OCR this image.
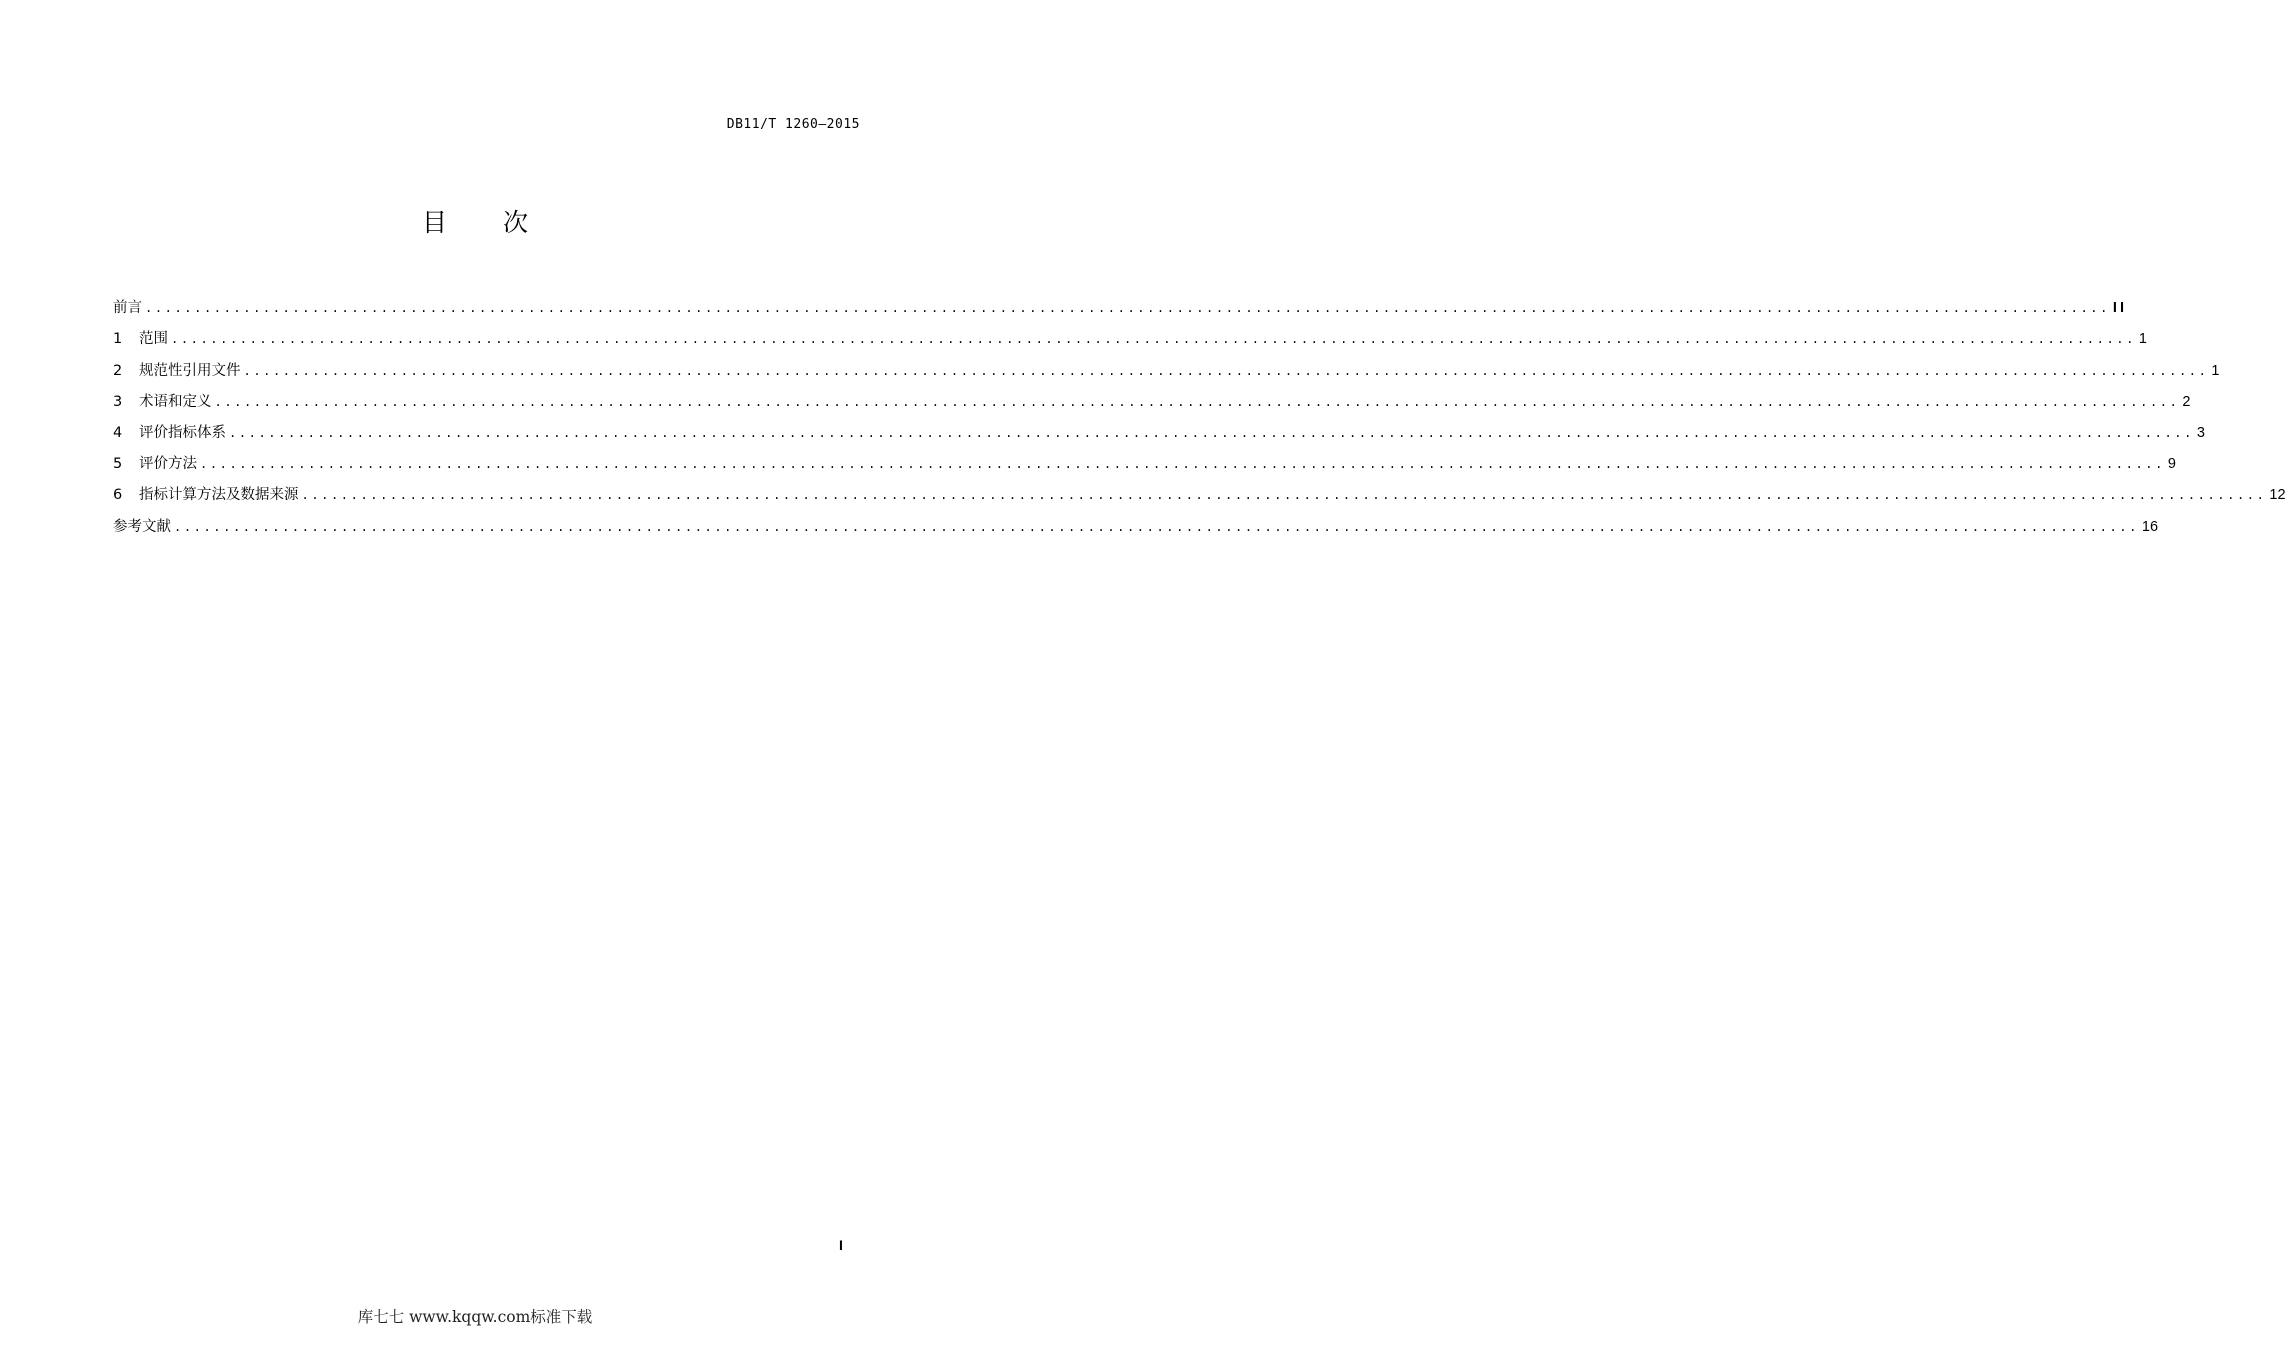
DB11/T 1260—2015
目 次
前言 ........................................................................................................................................................................................................ II
1	范围 ........................................................................................................................................................................................................ 1
2	规范性引用文件 ........................................................................................................................................................................................................ 1
3	术语和定义 ........................................................................................................................................................................................................ 2
4	评价指标体系 ........................................................................................................................................................................................................ 3
5	评价方法 ........................................................................................................................................................................................................ 9
6	指标计算方法及数据来源 ........................................................................................................................................................................................................ 12
参考文献 ........................................................................................................................................................................................................ 16
I
库七七 www.kqqw.com标准下载
